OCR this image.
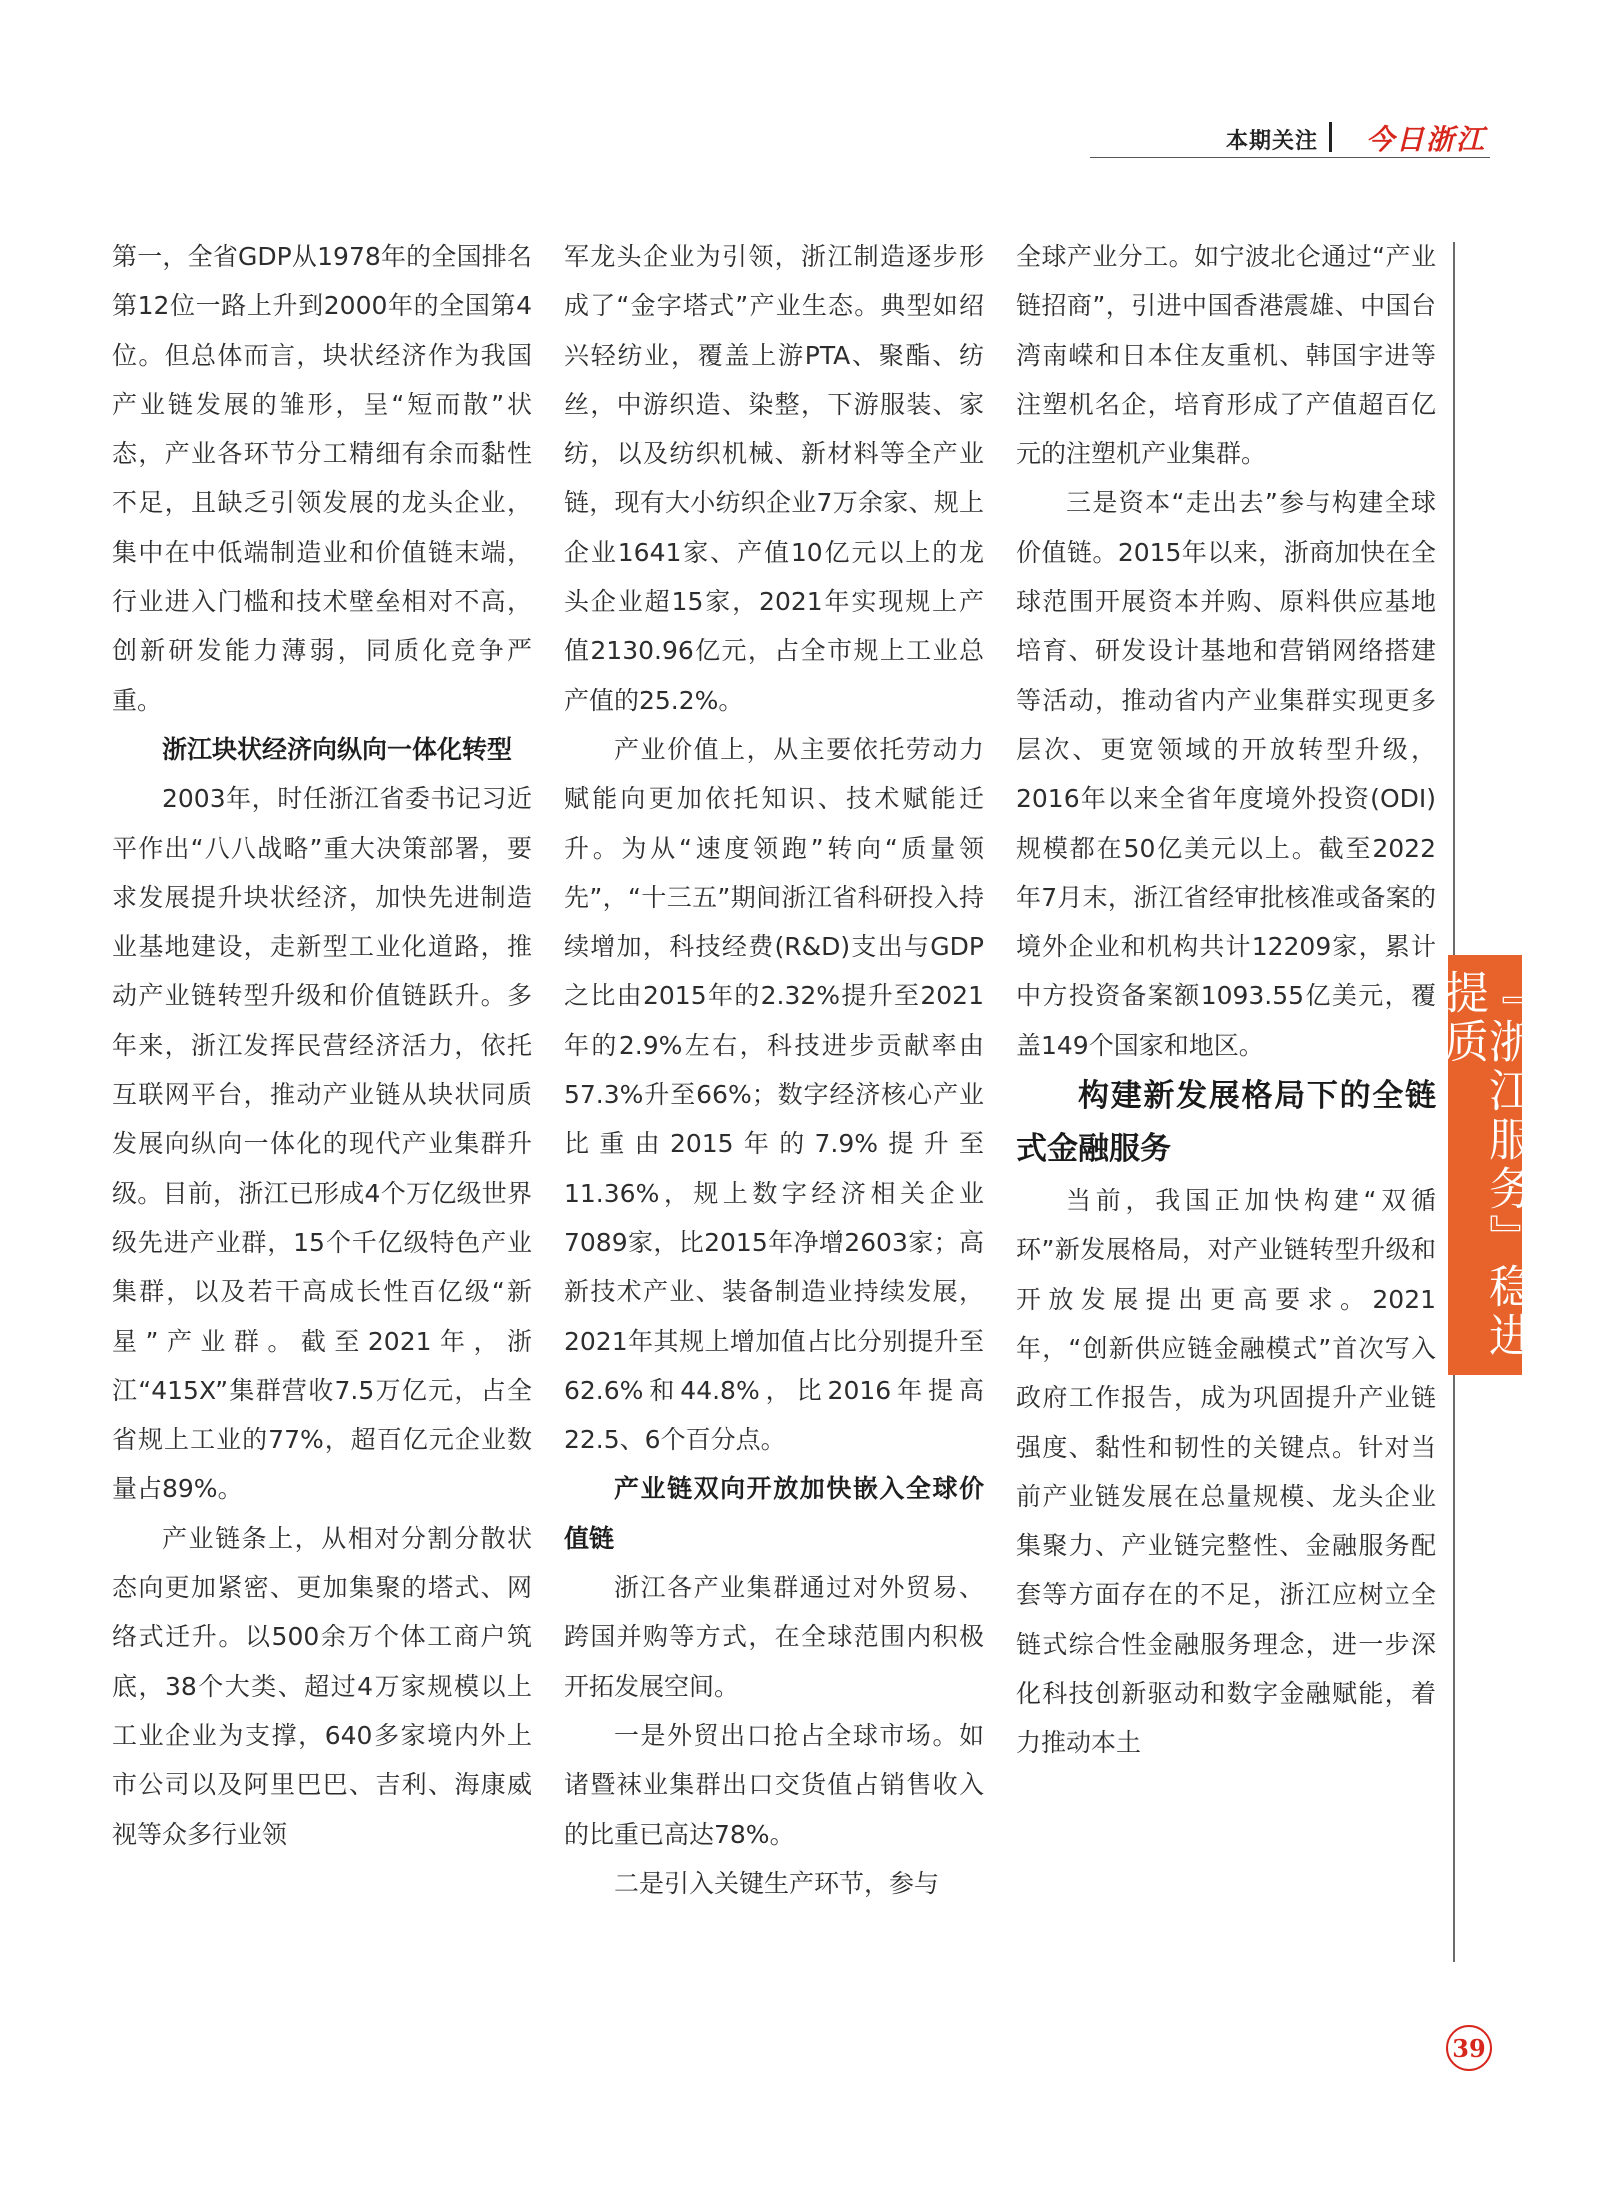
本期关注 今日浙江

第一，全省GDP从1978年的全国排名第12位一路上升到2000年的全国第4位。但总体而言，块状经济作为我国产业链发展的雏形，呈“短而散”状态，产业各环节分工精细有余而黏性不足，且缺乏引领发展的龙头企业，集中在中低端制造业和价值链末端，行业进入门槛和技术壁垒相对不高，创新研发能力薄弱，同质化竞争严重。

浙江块状经济向纵向一体化转型

2003年，时任浙江省委书记习近平作出“八八战略”重大决策部署，要求发展提升块状经济，加快先进制造业基地建设，走新型工业化道路，推动产业链转型升级和价值链跃升。多年来，浙江发挥民营经济活力，依托互联网平台，推动产业链从块状同质发展向纵向一体化的现代产业集群升级。目前，浙江已形成4个万亿级世界级先进产业群，15个千亿级特色产业集群，以及若干高成长性百亿级“新星”产业群。截至2021年，浙江“415X”集群营收7.5万亿元，占全省规上工业的77%，超百亿元企业数量占89%。

产业链条上，从相对分割分散状态向更加紧密、更加集聚的塔式、网络式迁升。以500余万个体工商户筑底，38个大类、超过4万家规模以上工业企业为支撑，640多家境内外上市公司以及阿里巴巴、吉利、海康威视等众多行业领

军龙头企业为引领，浙江制造逐步形成了“金字塔式”产业生态。典型如绍兴轻纺业，覆盖上游PTA、聚酯、纺丝，中游织造、染整，下游服装、家纺，以及纺织机械、新材料等全产业链，现有大小纺织企业7万余家、规上企业1641家、产值10亿元以上的龙头企业超15家，2021年实现规上产值2130.96亿元，占全市规上工业总产值的25.2%。

产业价值上，从主要依托劳动力赋能向更加依托知识、技术赋能迁升。为从“速度领跑”转向“质量领先”，“十三五”期间浙江省科研投入持续增加，科技经费(R&D)支出与GDP之比由2015年的2.32%提升至2021年的2.9%左右，科技进步贡献率由57.3%升至66%；数字经济核心产业比重由2015年的7.9%提升至11.36%，规上数字经济相关企业7089家，比2015年净增2603家；高新技术产业、装备制造业持续发展，2021年其规上增加值占比分别提升至62.6%和44.8%，比2016年提高22.5、6个百分点。

产业链双向开放加快嵌入全球价值链

浙江各产业集群通过对外贸易、跨国并购等方式，在全球范围内积极开拓发展空间。

一是外贸出口抢占全球市场。如诸暨袜业集群出口交货值占销售收入的比重已高达78%。

二是引入关键生产环节，参与

全球产业分工。如宁波北仑通过“产业链招商”，引进中国香港震雄、中国台湾南嵘和日本住友重机、韩国宇进等注塑机名企，培育形成了产值超百亿元的注塑机产业集群。

三是资本“走出去”参与构建全球价值链。2015年以来，浙商加快在全球范围开展资本并购、原料供应基地培育、研发设计基地和营销网络搭建等活动，推动省内产业集群实现更多层次、更宽领域的开放转型升级，2016年以来全省年度境外投资(ODI)规模都在50亿美元以上。截至2022年7月末，浙江省经审批核准或备案的境外企业和机构共计12209家，累计中方投资备案额1093.55亿美元，覆盖149个国家和地区。

构建新发展格局下的全链式金融服务

当前，我国正加快构建“双循环”新发展格局，对产业链转型升级和开放发展提出更高要求。2021年，“创新供应链金融模式”首次写入政府工作报告，成为巩固提升产业链强度、黏性和韧性的关键点。针对当前产业链发展在总量规模、龙头企业集聚力、产业链完整性、金融服务配套等方面存在的不足，浙江应树立全链式综合性金融服务理念，进一步深化科技创新驱动和数字金融赋能，着力推动本土

『浙江服务』稳进提质
39
